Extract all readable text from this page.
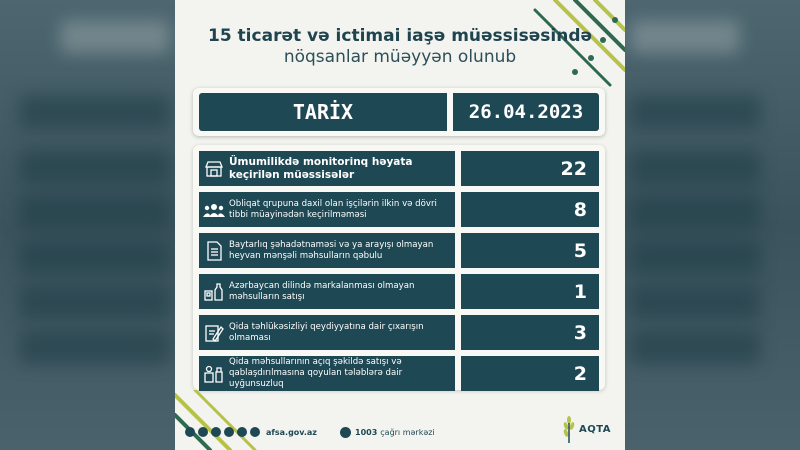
15 ticarət və ictimai iaşə müəssisəsində
nöqsanlar müəyyən olunub
TARİX	26.04.2023
Ümumilikdə monitorinq həyata keçirilən müəssisələr	22
Obliqat qrupuna daxil olan işçilərin ilkin və dövri tibbi müayinədən keçirilməməsi	8
Baytarlıq şəhadətnaməsi və ya arayışı olmayan heyvan mənşəli məhsulların qəbulu	5
Azərbaycan dilində markalanması olmayan məhsulların satışı	1
Qida təhlükəsizliyi qeydiyyatına dair çıxarışın olmaması	3
Qida məhsullarının açıq şəkildə satışı və qablaşdırılmasına qoyulan tələblərə dair uyğunsuzluq	2
afsa.gov.az	1003 çağrı mərkəzi	AQTA
